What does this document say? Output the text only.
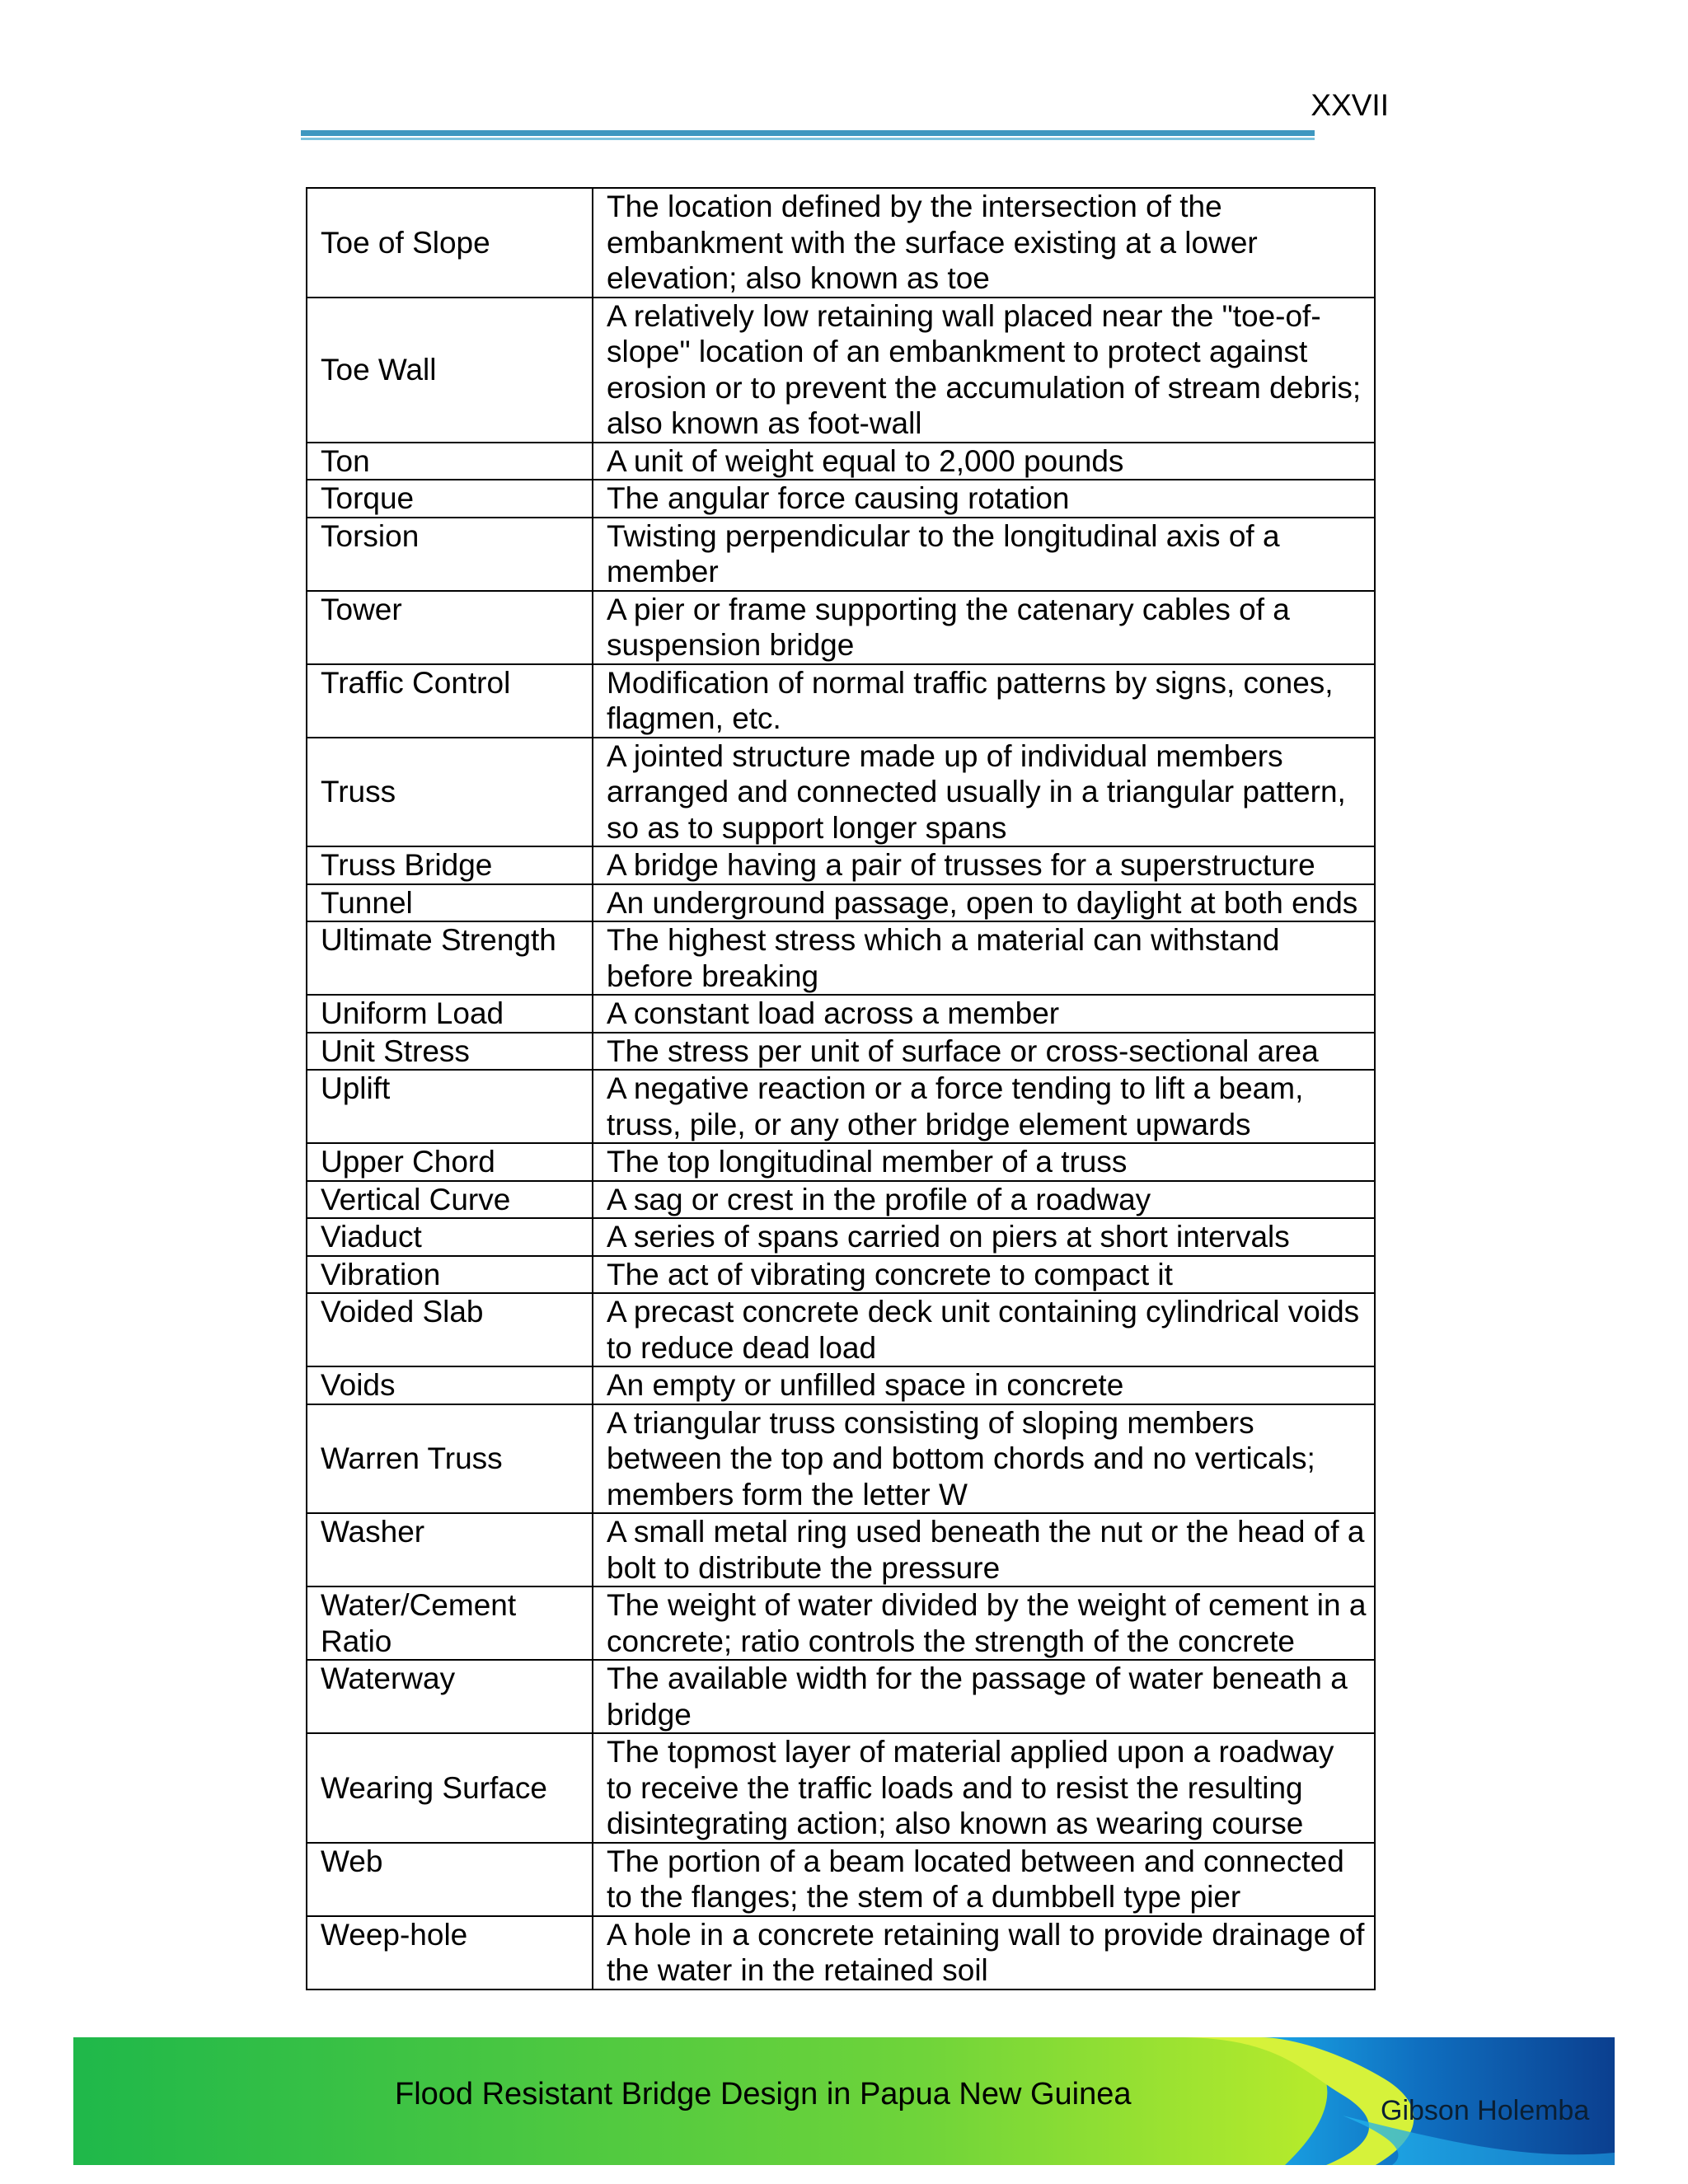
XXVII
Toe of Slope	The location defined by the intersection of the embankment with the surface existing at a lower elevation; also known as toe
Toe Wall	A relatively low retaining wall placed near the "toe-of-slope" location of an embankment to protect against erosion or to prevent the accumulation of stream debris; also known as foot-wall
Ton	A unit of weight equal to 2,000 pounds
Torque	The angular force causing rotation
Torsion	Twisting perpendicular to the longitudinal axis of a member
Tower	A pier or frame supporting the catenary cables of a suspension bridge
Traffic Control	Modification of normal traffic patterns by signs, cones, flagmen, etc.
Truss	A jointed structure made up of individual members arranged and connected usually in a triangular pattern, so as to support longer spans
Truss Bridge	A bridge having a pair of trusses for a superstructure
Tunnel	An underground passage, open to daylight at both ends
Ultimate Strength	The highest stress which a material can withstand before breaking
Uniform Load	A constant load across a member
Unit Stress	The stress per unit of surface or cross-sectional area
Uplift	A negative reaction or a force tending to lift a beam, truss, pile, or any other bridge element upwards
Upper Chord	The top longitudinal member of a truss
Vertical Curve	A sag or crest in the profile of a roadway
Viaduct	A series of spans carried on piers at short intervals
Vibration	The act of vibrating concrete to compact it
Voided Slab	A precast concrete deck unit containing cylindrical voids to reduce dead load
Voids	An empty or unfilled space in concrete
Warren Truss	A triangular truss consisting of sloping members between the top and bottom chords and no verticals; members form the letter W
Washer	A small metal ring used beneath the nut or the head of a bolt to distribute the pressure
Water/Cement Ratio	The weight of water divided by the weight of cement in a concrete; ratio controls the strength of the concrete
Waterway	The available width for the passage of water beneath a bridge
Wearing Surface	The topmost layer of material applied upon a roadway to receive the traffic loads and to resist the resulting disintegrating action; also known as wearing course
Web	The portion of a beam located between and connected to the flanges; the stem of a dumbbell type pier
Weep-hole	A hole in a concrete retaining wall to provide drainage of the water in the retained soil
Flood Resistant Bridge Design in Papua New Guinea	Gibson Holemba
